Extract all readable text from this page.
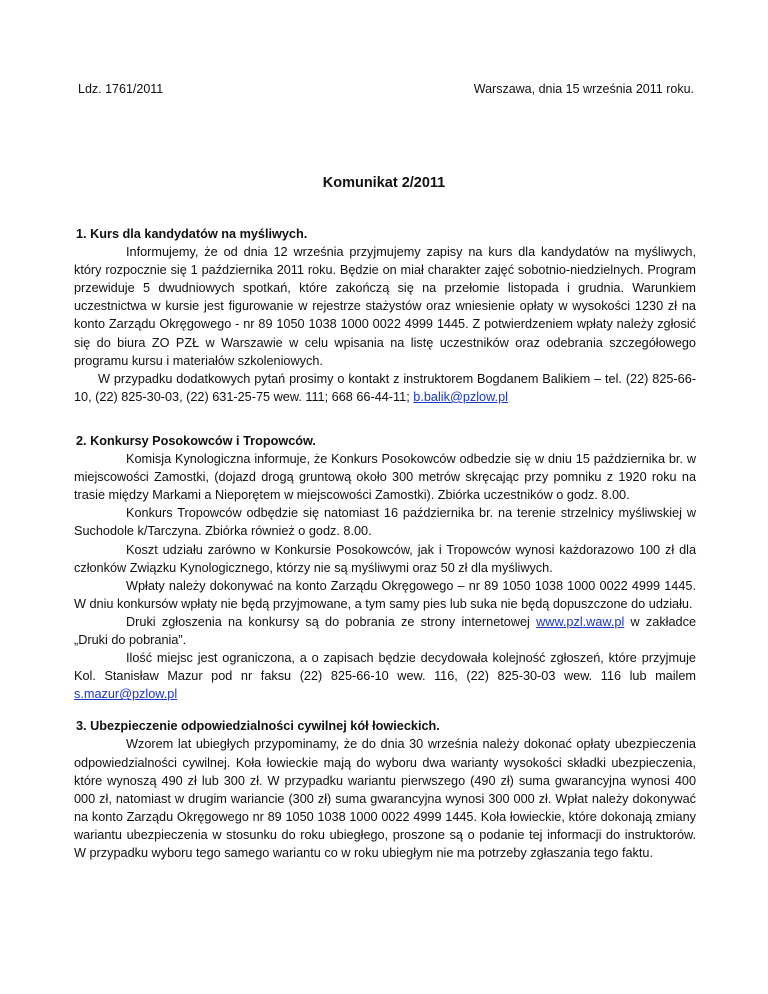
Ldz. 1761/2011	Warszawa, dnia 15 września 2011 roku.
Komunikat 2/2011

1. Kurs dla kandydatów na myśliwych.

Informujemy, że od dnia 12 września przyjmujemy zapisy na kurs dla kandydatów na myśliwych, który rozpocznie się 1 października 2011 roku. Będzie on miał charakter zajęć sobotnio-niedzielnych. Program przewiduje 5 dwudniowych spotkań, które zakończą się na przełomie listopada i grudnia. Warunkiem uczestnictwa w kursie jest figurowanie w rejestrze stażystów oraz wniesienie opłaty w wysokości 1230 zł na konto Zarządu Okręgowego - nr 89 1050 1038 1000 0022 4999 1445. Z potwierdzeniem wpłaty należy zgłosić się do biura ZO PZŁ w Warszawie w celu wpisania na listę uczestników oraz odebrania szczegółowego programu kursu i materiałów szkoleniowych.

W przypadku dodatkowych pytań prosimy o kontakt z instruktorem Bogdanem Balikiem – tel. (22) 825-66-10, (22) 825-30-03, (22) 631-25-75 wew. 111; 668 66-44-11; b.balik@pzlow.pl

2. Konkursy Posokowców i Tropowców.

Komisja Kynologiczna informuje, że Konkurs Posokowców odbedzie się w dniu 15 października br. w miejscowości Zamostki, (dojazd drogą gruntową około 300 metrów skręcając przy pomniku z 1920 roku na trasie między Markami a Nieporętem w miejscowości Zamostki). Zbiórka uczestników o godz. 8.00.

Konkurs Tropowców odbędzie się natomiast 16 października br. na terenie strzelnicy myśliwskiej w Suchodole k/Tarczyna. Zbiórka również o godz. 8.00.

Koszt udziału zarówno w Konkursie Posokowców, jak i Tropowców wynosi każdorazowo 100 zł dla członków Związku Kynologicznego, którzy nie są myśliwymi oraz 50 zł dla myśliwych.

Wpłaty należy dokonywać na konto Zarządu Okręgowego – nr 89 1050 1038 1000 0022 4999 1445. W dniu konkursów wpłaty nie będą przyjmowane, a tym samy pies lub suka nie będą dopuszczone do udziału.

Druki zgłoszenia na konkursy są do pobrania ze strony internetowej www.pzl.waw.pl w zakładce „Druki do pobrania”.

Ilość miejsc jest ograniczona, a o zapisach będzie decydowała kolejność zgłoszeń, które przyjmuje Kol. Stanisław Mazur pod nr faksu (22) 825-66-10 wew. 116, (22) 825-30-03 wew. 116 lub mailem s.mazur@pzlow.pl

3. Ubezpieczenie odpowiedzialności cywilnej kół łowieckich.

Wzorem lat ubiegłych przypominamy, że do dnia 30 września należy dokonać opłaty ubezpieczenia odpowiedzialności cywilnej. Koła łowieckie mają do wyboru dwa warianty wysokości składki ubezpieczenia, które wynoszą 490 zł lub 300 zł. W przypadku wariantu pierwszego (490 zł) suma gwarancyjna wynosi 400 000 zł, natomiast w drugim wariancie (300 zł) suma gwarancyjna wynosi 300 000 zł. Wpłat należy dokonywać na konto Zarządu Okręgowego nr 89 1050 1038 1000 0022 4999 1445. Koła łowieckie, które dokonają zmiany wariantu ubezpieczenia w stosunku do roku ubiegłego, proszone są o podanie tej informacji do instruktorów. W przypadku wyboru tego samego wariantu co w roku ubiegłym nie ma potrzeby zgłaszania tego faktu.
